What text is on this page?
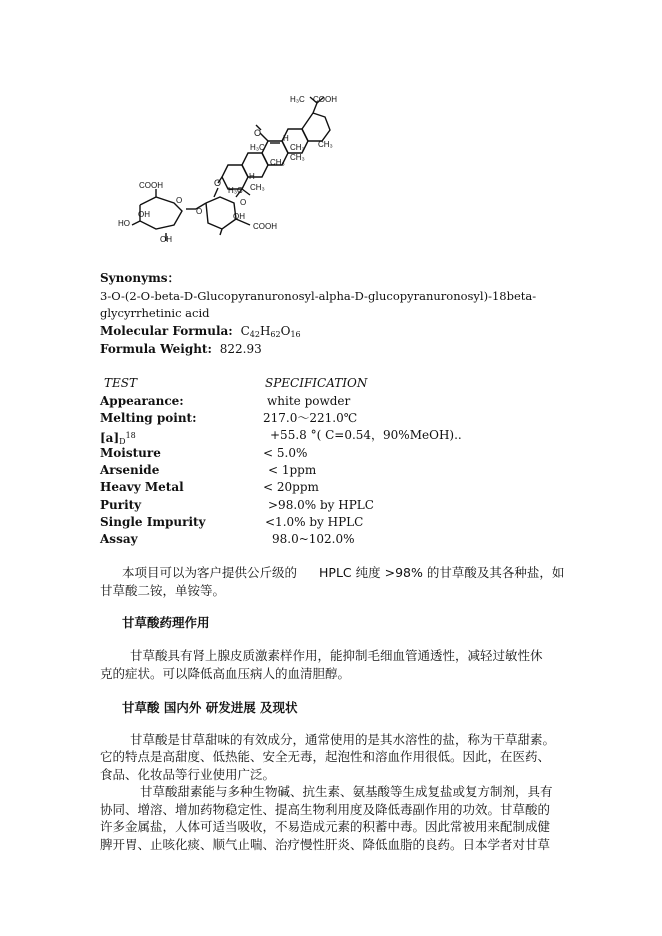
H₃C COOH
O
H₃C	CH₃
H
CH₃
CH₃
CH₃
H
H₃C CH₃
O
COOH
O
OH
HO
OH
O
O
OH
COOH
Synonyms：
3-O-(2-O-beta-D-Glucopyranuronosyl-alpha-D-glucopyranuronosyl)-18beta-
glycyrrhetinic acid
Molecular Formula: $C_{42}H_{62}O_{16}$
Formula Weight: 822.93
TEST	SPECIFICATION
Appearance:	white powder
Melting point:	217.0～221.0℃
$[a]_D^{18}$	+55.8 °( C=0.54，90%MeOH)..
Moisture	< 5.0%
Arsenide	< 1ppm
Heavy Metal	< 20ppm
Purity	>98.0% by HPLC
Single Impurity	<1.0% by HPLC
Assay	98.0~102.0%
本项目可以为客户提供公斤级的 HPLC 纯度 >98% 的甘草酸及其各种盐，如
甘草酸二铵，单铵等。
甘草酸药理作用
甘草酸具有肾上腺皮质激素样作用，能抑制毛细血管通透性，减轻过敏性休
克的症状。可以降低高血压病人的血清胆醇。
甘草酸 国内外 研发进展 及现状
甘草酸是甘草甜味的有效成分，通常使用的是其水溶性的盐，称为干草甜素。
它的特点是高甜度、低热能、安全无毒，起泡性和溶血作用很低。因此，在医药、
食品、化妆品等行业使用广泛。
甘草酸甜素能与多种生物碱、抗生素、氨基酸等生成复盐或复方制剂，具有
协同、增溶、增加药物稳定性、提高生物利用度及降低毒副作用的功效。甘草酸的
许多金属盐，人体可适当吸收，不易造成元素的积蓄中毒。因此常被用来配制成健
脾开胃、止咳化痰、顺气止喘、治疗慢性肝炎、降低血脂的良药。日本学者对甘草
